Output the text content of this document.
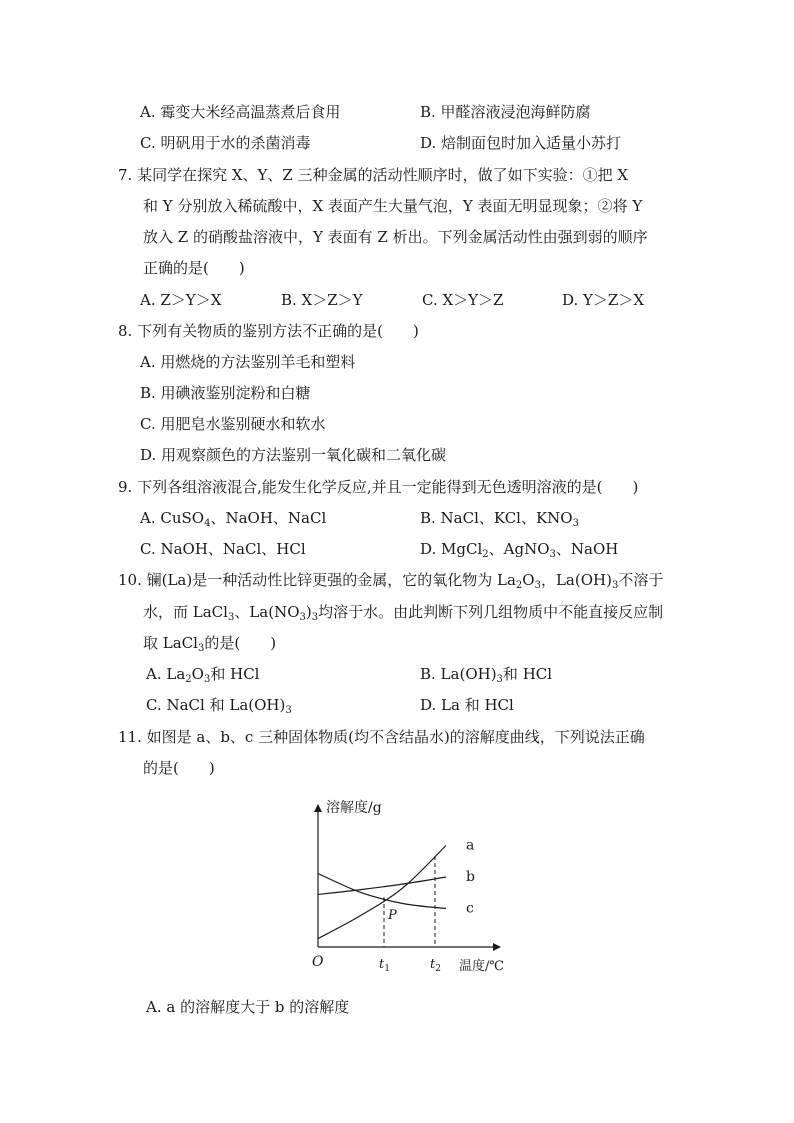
A. 霉变大米经高温蒸煮后食用	B. 甲醛溶液浸泡海鲜防腐
C. 明矾用于水的杀菌消毒	D. 焙制面包时加入适量小苏打
7. 某同学在探究 X、Y、Z 三种金属的活动性顺序时，做了如下实验：①把 X
和 Y 分别放入稀硫酸中，X 表面产生大量气泡，Y 表面无明显现象；②将 Y
放入 Z 的硝酸盐溶液中，Y 表面有 Z 析出。下列金属活动性由强到弱的顺序
正确的是( )
A. Z＞Y＞X	B. X＞Z＞Y	C. X＞Y＞Z	D. Y＞Z＞X
8. 下列有关物质的鉴别方法不正确的是( )
A. 用燃烧的方法鉴别羊毛和塑料
B. 用碘液鉴别淀粉和白糖
C. 用肥皂水鉴别硬水和软水
D. 用观察颜色的方法鉴别一氧化碳和二氧化碳
9. 下列各组溶液混合,能发生化学反应,并且一定能得到无色透明溶液的是( )
A. CuSO$_4$、NaOH、NaCl	B. NaCl、KCl、$KNO_3$
C. NaOH、NaCl、HCl	D. MgCl$_2$、AgNO$_3$、NaOH
10. 镧(La)是一种活动性比锌更强的金属，它的氧化物为 $La_2O_3$，$La(OH)_3$不溶于
水，而 LaCl$_3$、$La(NO_3)_3$均溶于水。由此判断下列几组物质中不能直接反应制
取 LaCl$_3$的是( )
A. $La_2O_3$和 HCl	B. $La(OH)_3$和 HCl
C. NaCl 和 $La(OH)_3$	D. La 和 HCl
11. 如图是 a、b、c 三种固体物质(均不含结晶水)的溶解度曲线，下列说法正确
的是( )
溶解度/g
温度/℃
O	$t_1$	$t_2$
P
a
b
c
A. a 的溶解度大于 b 的溶解度
